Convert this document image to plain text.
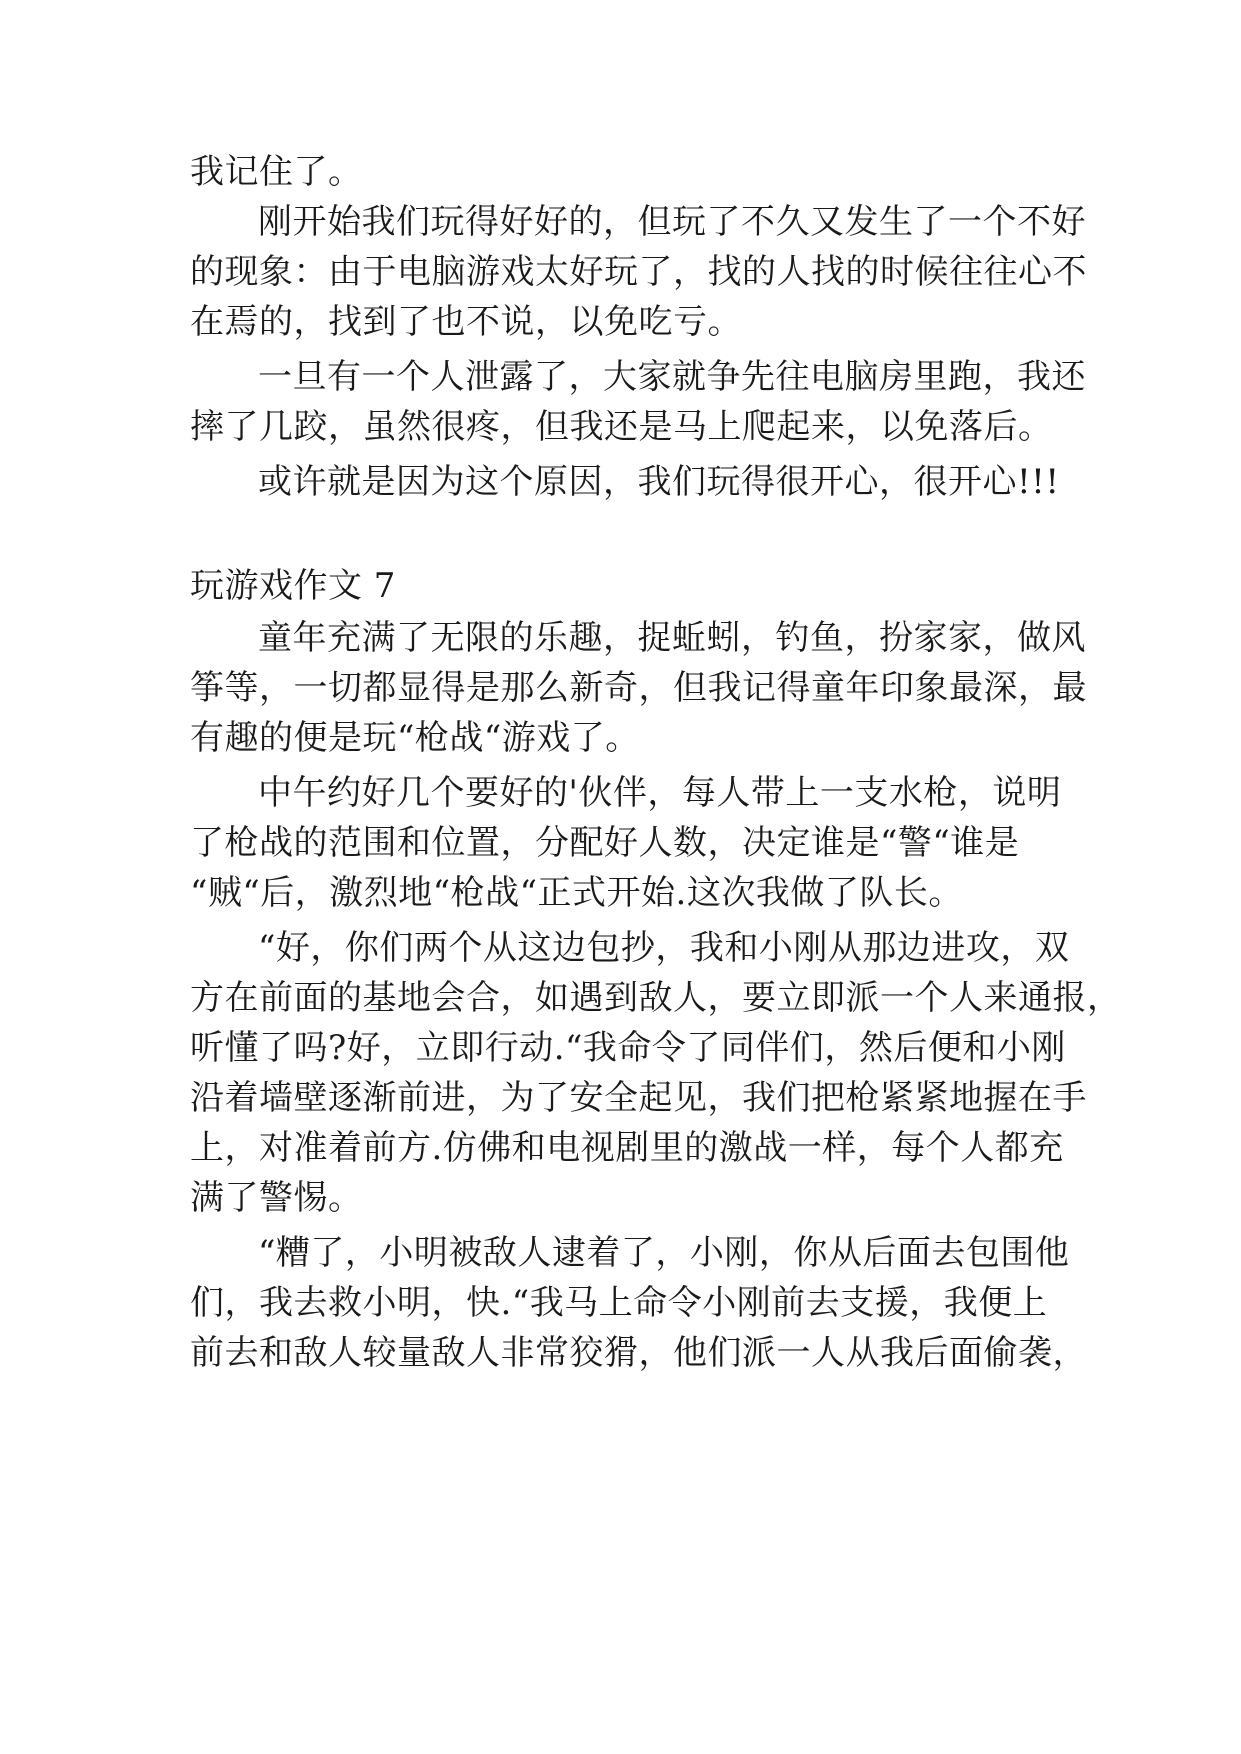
我记住了。
刚开始我们玩得好好的，但玩了不久又发生了一个不好
的现象：由于电脑游戏太好玩了，找的人找的时候往往心不
在焉的，找到了也不说，以免吃亏。
一旦有一个人泄露了，大家就争先往电脑房里跑，我还
摔了几跤，虽然很疼，但我还是马上爬起来，以免落后。
或许就是因为这个原因，我们玩得很开心，很开心!!!
玩游戏作文 7
童年充满了无限的乐趣，捉蚯蚓，钓鱼，扮家家，做风
筝等，一切都显得是那么新奇，但我记得童年印象最深，最
有趣的便是玩“枪战“游戏了。
中午约好几个要好的'伙伴，每人带上一支水枪，说明
了枪战的范围和位置，分配好人数，决定谁是“警“谁是
“贼“后，激烈地“枪战“正式开始.这次我做了队长。
“好，你们两个从这边包抄，我和小刚从那边进攻，双
方在前面的基地会合，如遇到敌人，要立即派一个人来通报，
听懂了吗?好，立即行动.“我命令了同伴们，然后便和小刚
沿着墙壁逐渐前进，为了安全起见，我们把枪紧紧地握在手
上，对准着前方.仿佛和电视剧里的激战一样，每个人都充
满了警惕。
“糟了，小明被敌人逮着了，小刚，你从后面去包围他
们，我去救小明，快.“我马上命令小刚前去支援，我便上
前去和敌人较量敌人非常狡猾，他们派一人从我后面偷袭，
